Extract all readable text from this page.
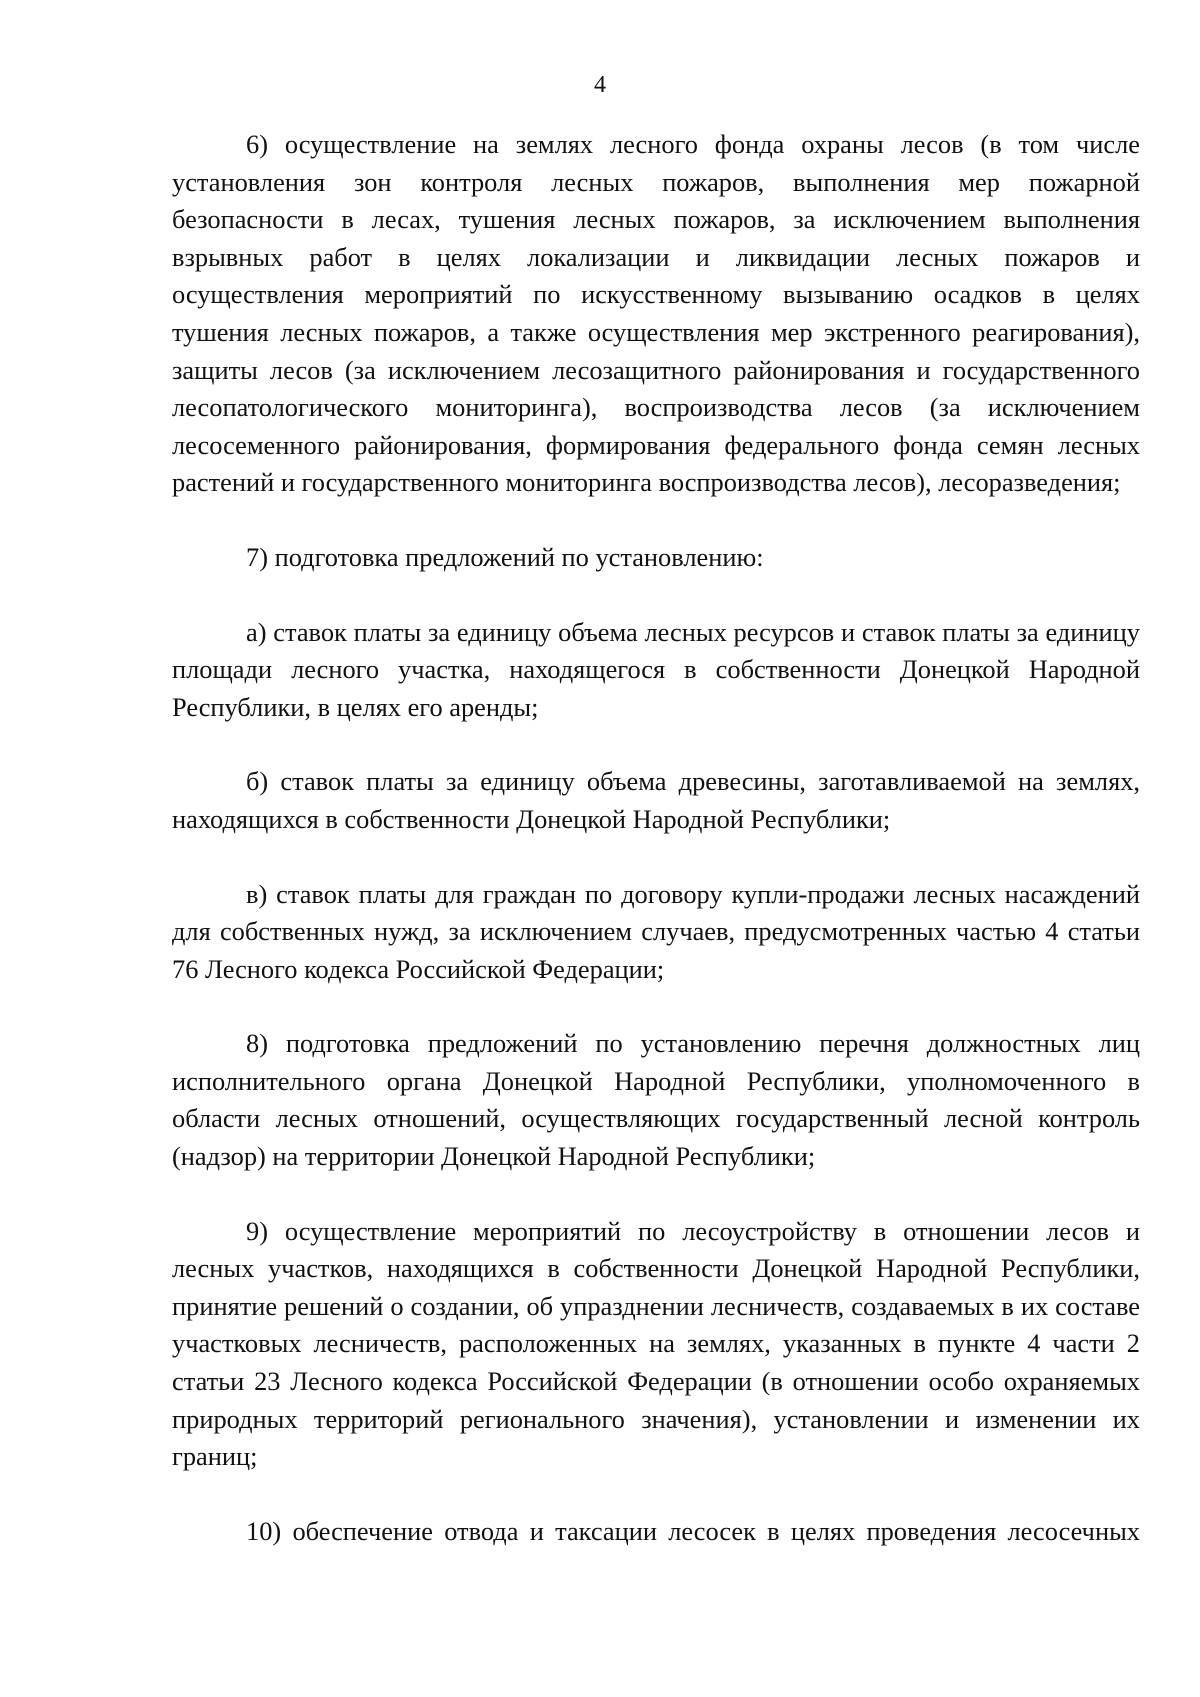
4

6) осуществление на землях лесного фонда охраны лесов (в том числе установления зон контроля лесных пожаров, выполнения мер пожарной безопасности в лесах, тушения лесных пожаров, за исключением выполнения взрывных работ в целях локализации и ликвидации лесных пожаров и осуществления мероприятий по искусственному вызыванию осадков в целях тушения лесных пожаров, а также осуществления мер экстренного реагирования), защиты лесов (за исключением лесозащитного районирования и государственного лесопатологического мониторинга), воспроизводства лесов (за исключением лесосеменного районирования, формирования федерального фонда семян лесных растений и государственного мониторинга воспроизводства лесов), лесоразведения;

7) подготовка предложений по установлению:

а) ставок платы за единицу объема лесных ресурсов и ставок платы за единицу площади лесного участка, находящегося в собственности Донецкой Народной Республики, в целях его аренды;

б) ставок платы за единицу объема древесины, заготавливаемой на землях, находящихся в собственности Донецкой Народной Республики;

в) ставок платы для граждан по договору купли-продажи лесных насаждений для собственных нужд, за исключением случаев, предусмотренных частью 4 статьи 76 Лесного кодекса Российской Федерации;

8) подготовка предложений по установлению перечня должностных лиц исполнительного органа Донецкой Народной Республики, уполномоченного в области лесных отношений, осуществляющих государственный лесной контроль (надзор) на территории Донецкой Народной Республики;

9) осуществление мероприятий по лесоустройству в отношении лесов и лесных участков, находящихся в собственности Донецкой Народной Республики, принятие решений о создании, об упразднении лесничеств, создаваемых в их составе участковых лесничеств, расположенных на землях, указанных в пункте 4 части 2 статьи 23 Лесного кодекса Российской Федерации (в отношении особо охраняемых природных территорий регионального значения), установлении и изменении их границ;

10) обеспечение отвода и таксации лесосек в целях проведения лесосечных
